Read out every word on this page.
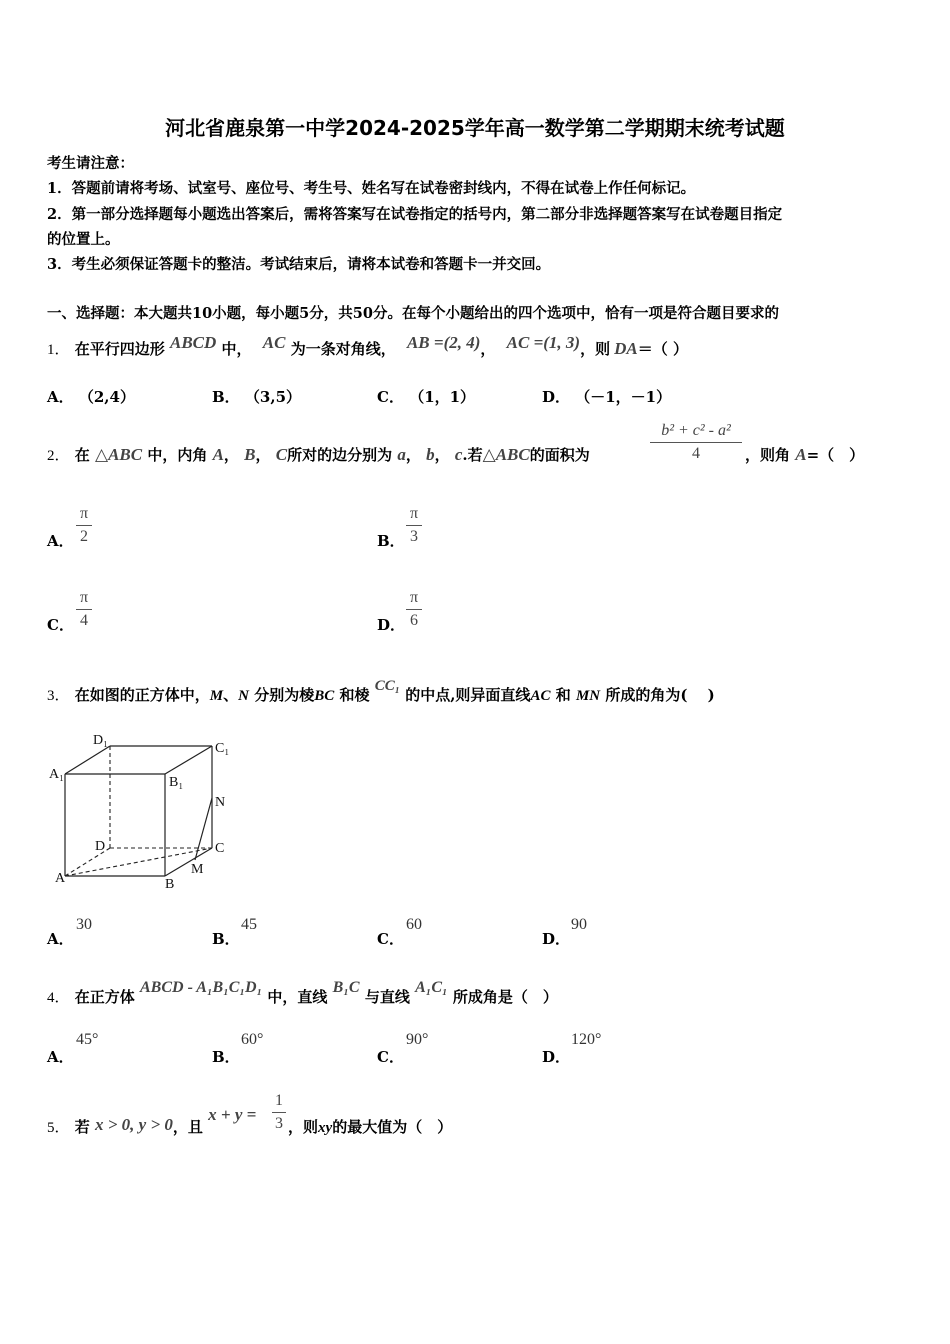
河北省鹿泉第一中学2024-2025学年高一数学第二学期期末统考试题
考生请注意：
1．答题前请将考场、试室号、座位号、考生号、姓名写在试卷密封线内，不得在试卷上作任何标记。
2．第一部分选择题每小题选出答案后，需将答案写在试卷指定的括号内，第二部分非选择题答案写在试卷题目指定
的位置上。
3．考生必须保证答题卡的整洁。考试结束后，请将本试卷和答题卡一并交回。
一、选择题：本大题共10小题，每小题5分，共50分。在每个小题给出的四个选项中，恰有一项是符合题目要求的
1． 在平行四边形 ABCD 中， AC 为一条对角线， AB =(2, 4)， AC =(1, 3)，则 DA＝（ ）
A． （2,4）	B． （3,5）	C． （1，1）	D． （－1，－1）
2． 在 △ABC 中，内角 A， B， C所对的边分别为 a， b， c.若△ABC的面积为
b² + c² - a²
4	，则角 A=（　）
A．
π
2	B．
π
3
C．
π
4	D．
π
6
3． 在如图的正方体中，M、N 分别为棱BC 和棱 CC₁ 的中点,则异面直线AC 和 MN 所成的角为(　 )
D₁
C₁
A₁
B₁
N
D	C
A	B
M
A．
30
B．
45
C．
60
D．
90
4． 在正方体 ABCD - A₁B₁C₁D₁ 中，直线 B₁C 与直线 A₁C₁ 所成角是（　）
A．
45°
B．
60°
C．
90°
D．
120°
5． 若 x > 0, y > 0，且 x + y =
1
3 ，则xy的最大值为（　）
